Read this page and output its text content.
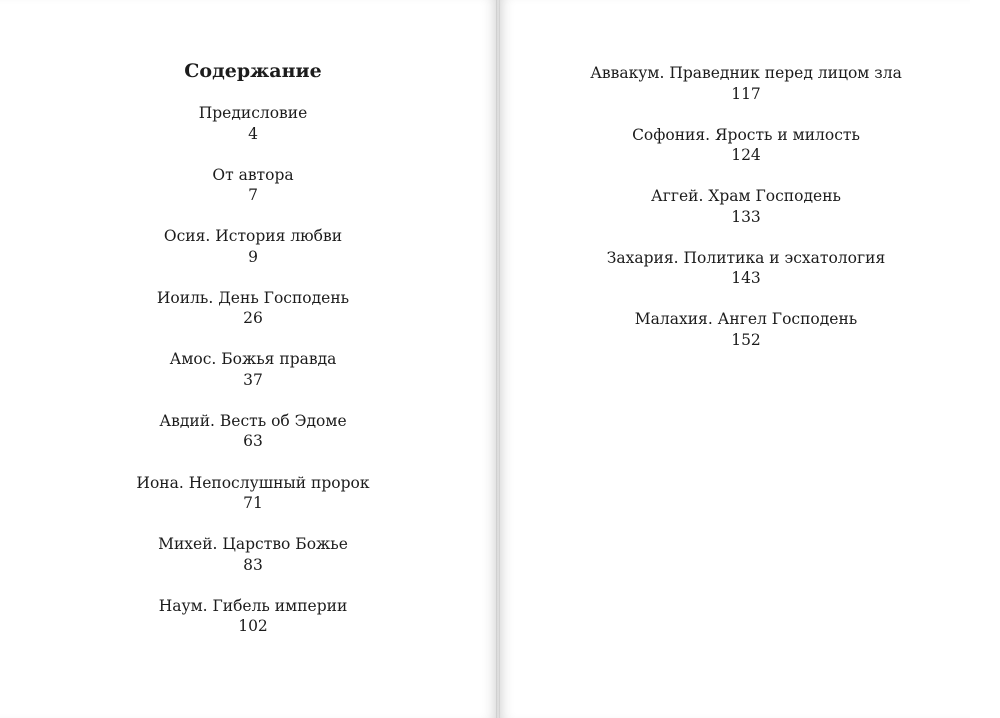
Содержание
Предисловие
4
От автора
7
Осия. История любви
9
Иоиль. День Господень
26
Амос. Божья правда
37
Авдий. Весть об Эдоме
63
Иона. Непослушный пророк
71
Михей. Царство Божье
83
Наум. Гибель империи
102
Аввакум. Праведник перед лицом зла
117
Софония. Ярость и милость
124
Аггей. Храм Господень
133
Захария. Политика и эсхатология
143
Малахия. Ангел Господень
152
